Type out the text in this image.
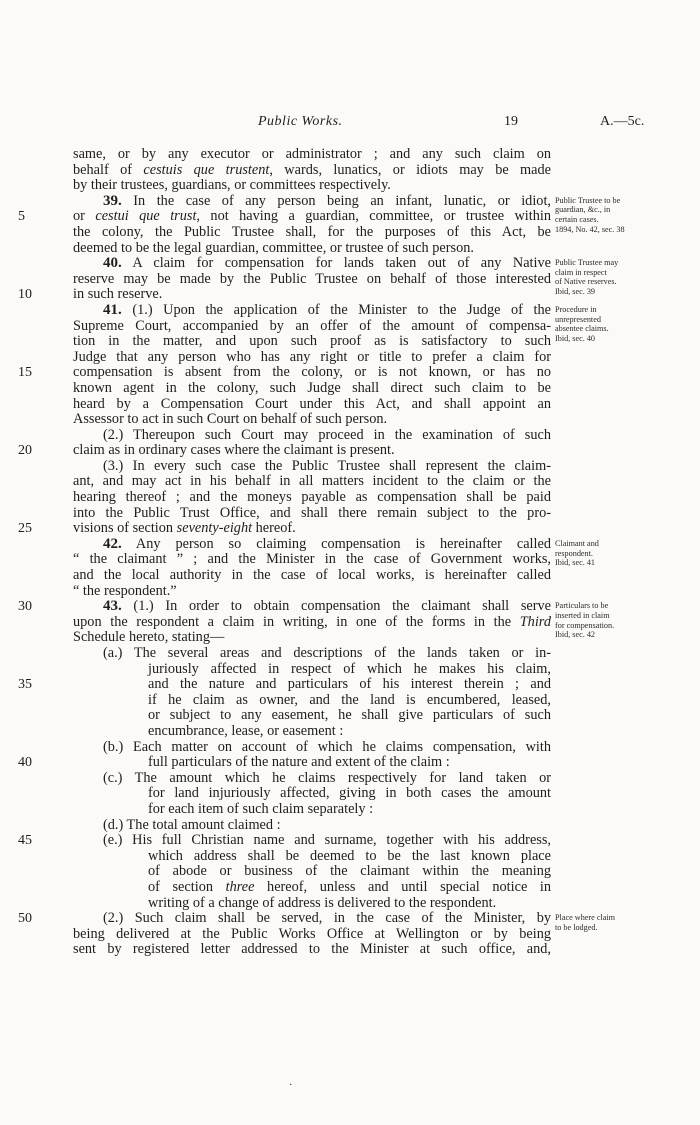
Public Works.	19	A.—5c.
same, or by any executor or administrator ; and any such claim on
behalf of cestuis que trustent, wards, lunatics, or idiots may be made
by their trustees, guardians, or committees respectively.
39. In the case of any person being an infant, lunatic, or idiot,
5	or cestui que trust, not having a guardian, committee, or trustee within
the colony, the Public Trustee shall, for the purposes of this Act, be
deemed to be the legal guardian, committee, or trustee of such person.
40. A claim for compensation for lands taken out of any Native
reserve may be made by the Public Trustee on behalf of those interested
10	in such reserve.
41. (1.) Upon the application of the Minister to the Judge of the
Supreme Court, accompanied by an offer of the amount of compensa-
tion in the matter, and upon such proof as is satisfactory to such
Judge that any person who has any right or title to prefer a claim for
15	compensation is absent from the colony, or is not known, or has no
known agent in the colony, such Judge shall direct such claim to be
heard by a Compensation Court under this Act, and shall appoint an
Assessor to act in such Court on behalf of such person.
(2.) Thereupon such Court may proceed in the examination of such
20	claim as in ordinary cases where the claimant is present.
(3.) In every such case the Public Trustee shall represent the claim-
ant, and may act in his behalf in all matters incident to the claim or the
hearing thereof ; and the moneys payable as compensation shall be paid
into the Public Trust Office, and shall there remain subject to the pro-
25	visions of section seventy-eight hereof.
42. Any person so claiming compensation is hereinafter called
“ the claimant ” ; and the Minister in the case of Government works,
and the local authority in the case of local works, is hereinafter called
“ the respondent.”
30	43. (1.) In order to obtain compensation the claimant shall serve
upon the respondent a claim in writing, in one of the forms in the Third
Schedule hereto, stating—
(a.) The several areas and descriptions of the lands taken or in-
juriously affected in respect of which he makes his claim,
35	and the nature and particulars of his interest therein ; and
if he claim as owner, and the land is encumbered, leased,
or subject to any easement, he shall give particulars of such
encumbrance, lease, or easement :
(b.) Each matter on account of which he claims compensation, with
40	full particulars of the nature and extent of the claim :
(c.) The amount which he claims respectively for land taken or
for land injuriously affected, giving in both cases the amount
for each item of such claim separately :
(d.) The total amount claimed :
45	(e.) His full Christian name and surname, together with his address,
which address shall be deemed to be the last known place
of abode or business of the claimant within the meaning
of section three hereof, unless and until special notice in
writing of a change of address is delivered to the respondent.
50	(2.) Such claim shall be served, in the case of the Minister, by
being delivered at the Public Works Office at Wellington or by being
sent by registered letter addressed to the Minister at such office, and,
Public Trustee to be
guardian, &c., in
certain cases.
1894, No. 42, sec. 38
Public Trustee may
claim in respect
of Native reserves.
Ibid, sec. 39
Procedure in
unrepresented
absentee claims.
Ibid, sec. 40
Claimant and
respondent.
Ibid, sec. 41
Particulars to be
inserted in claim
for compensation.
Ibid, sec. 42
Place where claim
to be lodged.
·
